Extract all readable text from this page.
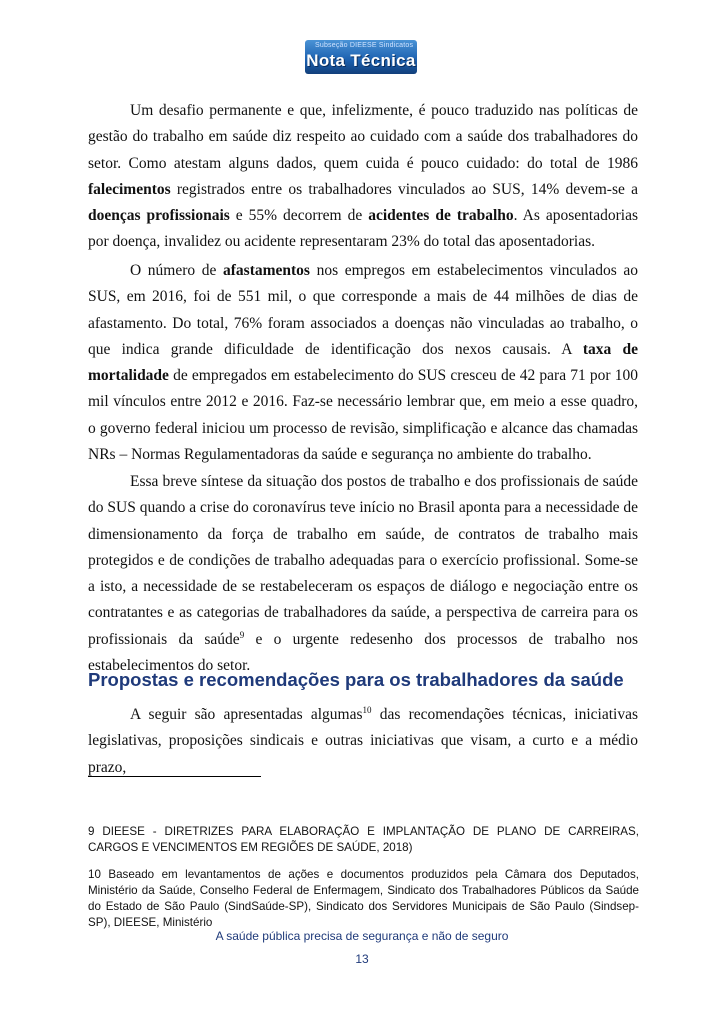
Subseção DIEESE Sindicatos
Nota Técnica

Um desafio permanente e que, infelizmente, é pouco traduzido nas políticas de gestão do trabalho em saúde diz respeito ao cuidado com a saúde dos trabalhadores do setor. Como atestam alguns dados, quem cuida é pouco cuidado: do total de 1986 falecimentos registrados entre os trabalhadores vinculados ao SUS, 14% devem-se a doenças profissionais e 55% decorrem de acidentes de trabalho. As aposentadorias por doença, invalidez ou acidente representaram 23% do total das aposentadorias.

O número de afastamentos nos empregos em estabelecimentos vinculados ao SUS, em 2016, foi de 551 mil, o que corresponde a mais de 44 milhões de dias de afastamento. Do total, 76% foram associados a doenças não vinculadas ao trabalho, o que indica grande dificuldade de identificação dos nexos causais. A taxa de mortalidade de empregados em estabelecimento do SUS cresceu de 42 para 71 por 100 mil vínculos entre 2012 e 2016. Faz-se necessário lembrar que, em meio a esse quadro, o governo federal iniciou um processo de revisão, simplificação e alcance das chamadas NRs – Normas Regulamentadoras da saúde e segurança no ambiente do trabalho.

Essa breve síntese da situação dos postos de trabalho e dos profissionais de saúde do SUS quando a crise do coronavírus teve início no Brasil aponta para a necessidade de dimensionamento da força de trabalho em saúde, de contratos de trabalho mais protegidos e de condições de trabalho adequadas para o exercício profissional. Some-se a isto, a necessidade de se restabeleceram os espaços de diálogo e negociação entre os contratantes e as categorias de trabalhadores da saúde, a perspectiva de carreira para os profissionais da saúde$^9$ e o urgente redesenho dos processos de trabalho nos estabelecimentos do setor.

Propostas e recomendações para os trabalhadores da saúde

A seguir são apresentadas algumas$^{10}$ das recomendações técnicas, iniciativas legislativas, proposições sindicais e outras iniciativas que visam, a curto e a médio prazo,

9 DIEESE - DIRETRIZES PARA ELABORAÇÃO E IMPLANTAÇÃO DE PLANO DE CARREIRAS, CARGOS E VENCIMENTOS EM REGIÕES DE SAÚDE, 2018)
10 Baseado em levantamentos de ações e documentos produzidos pela Câmara dos Deputados, Ministério da Saúde, Conselho Federal de Enfermagem, Sindicato dos Trabalhadores Públicos da Saúde do Estado de São Paulo (SindSaúde-SP), Sindicato dos Servidores Municipais de São Paulo (Sindsep-SP), DIEESE, Ministério
A saúde pública precisa de segurança e não de seguro
13
